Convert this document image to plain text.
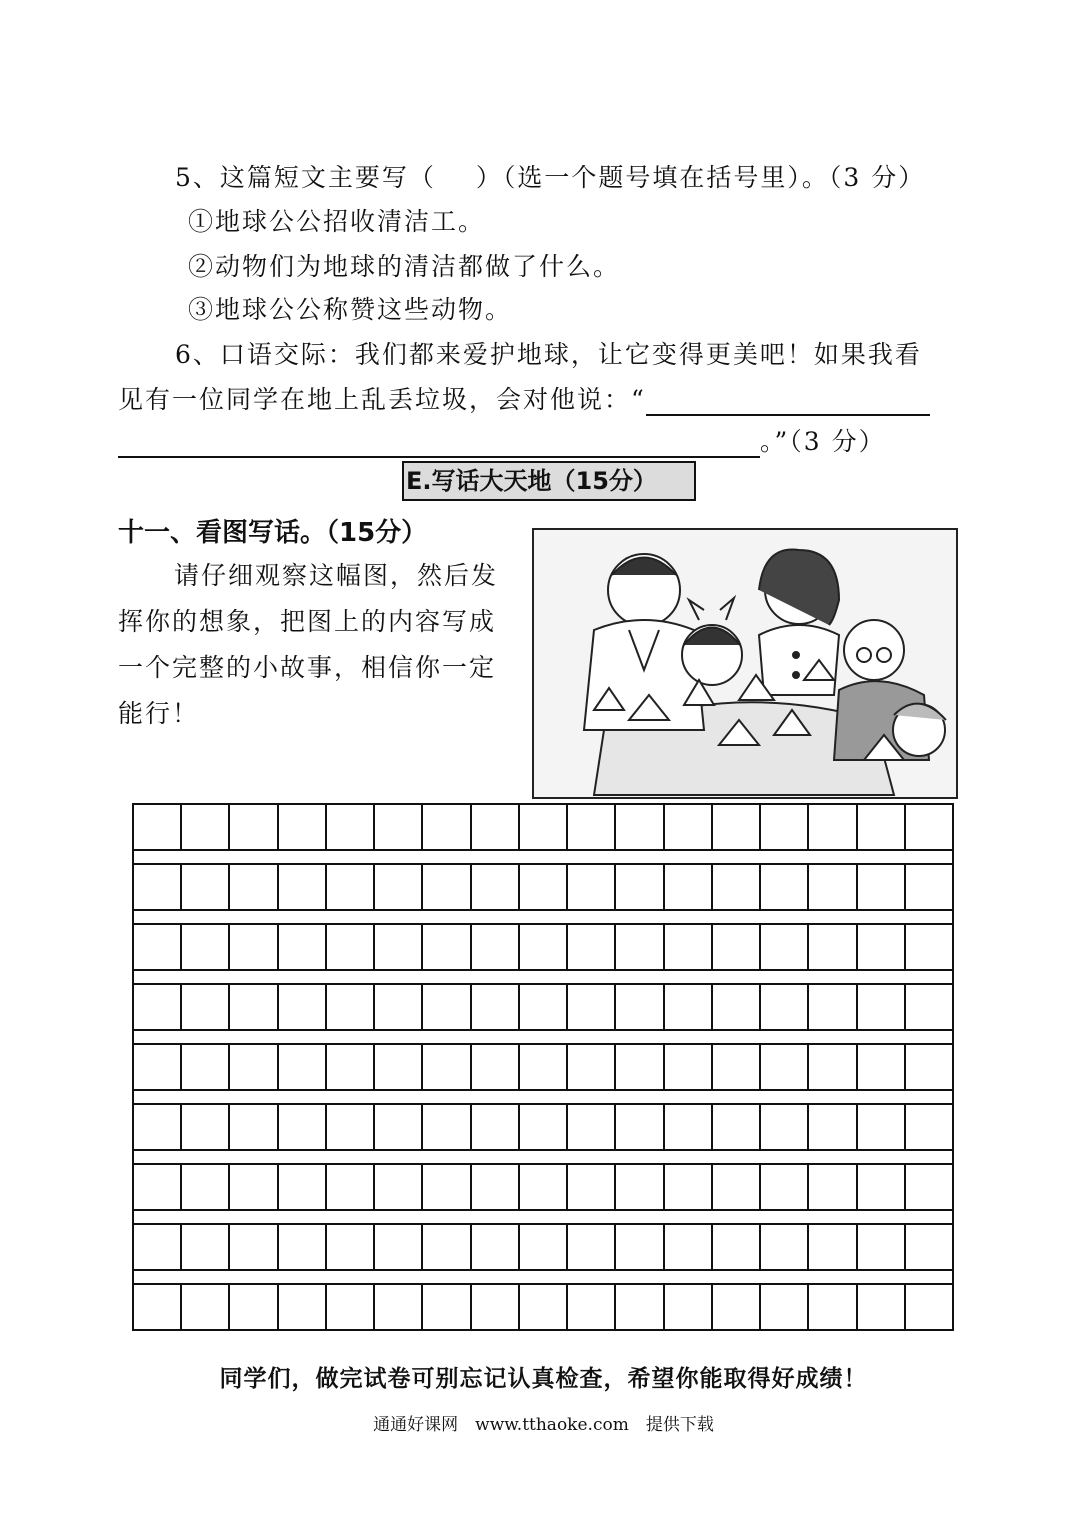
5、这篇短文主要写（ ）（选一个题号填在括号里）。（3 分）
①地球公公招收清洁工。
②动物们为地球的清洁都做了什么。
③地球公公称赞这些动物。
6、口语交际：我们都来爱护地球，让它变得更美吧！如果我看
见有一位同学在地上乱丢垃圾，会对他说：“
。”（3 分）
E.写话大天地（15分）
十一、看图写话。（15分）
请仔细观察这幅图，然后发挥你的想象，把图上的内容写成一个完整的小故事，相信你一定能行！
同学们，做完试卷可别忘记认真检查，希望你能取得好成绩！
通通好课网　www.tthaoke.com　提供下载
